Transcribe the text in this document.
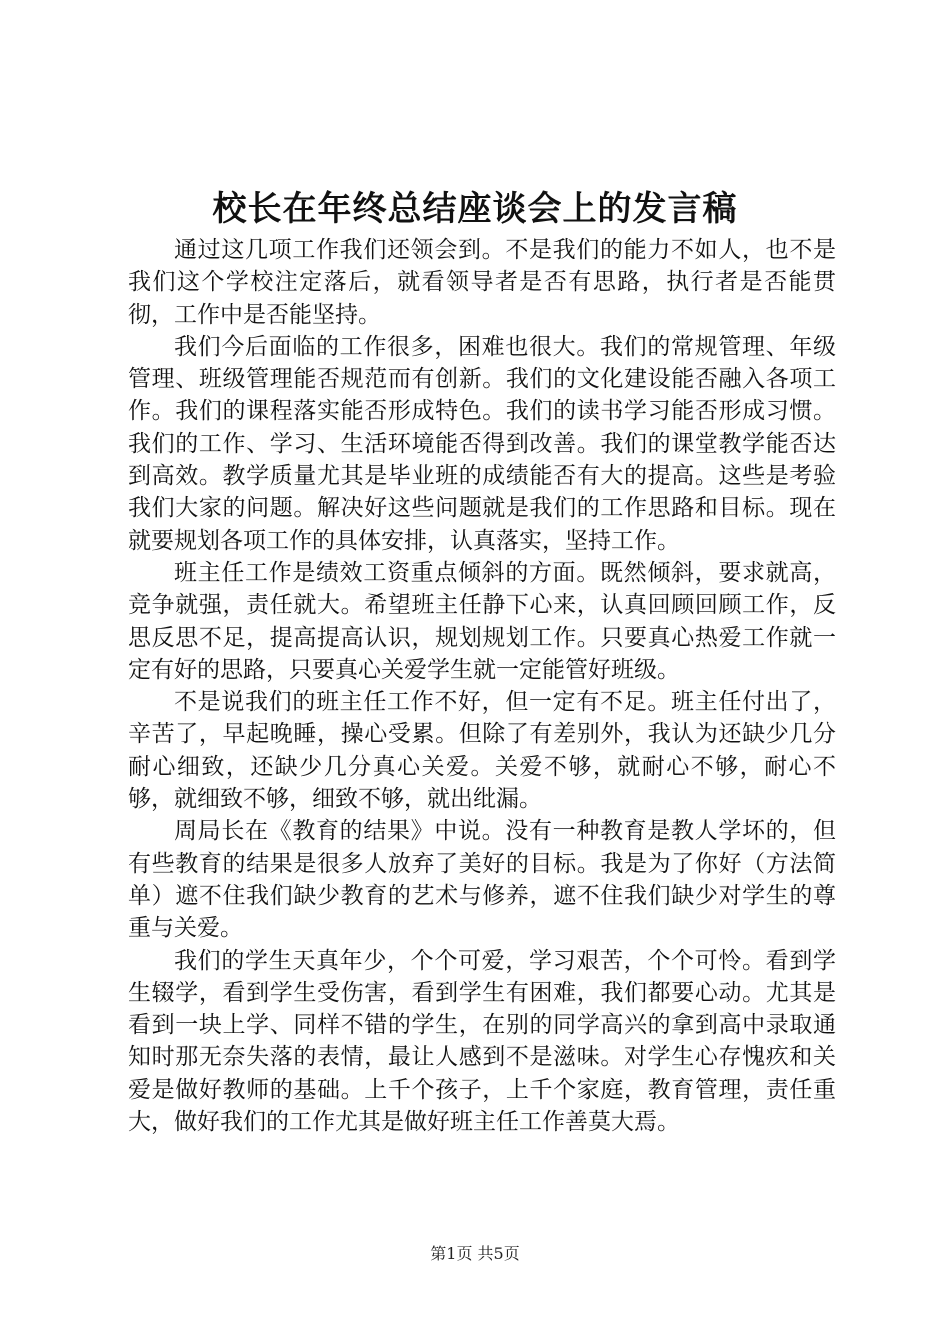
校长在年终总结座谈会上的发言稿

通过这几项工作我们还领会到。不是我们的能力不如人，也不是我们这个学校注定落后，就看领导者是否有思路，执行者是否能贯彻，工作中是否能坚持。

我们今后面临的工作很多，困难也很大。我们的常规管理、年级管理、班级管理能否规范而有创新。我们的文化建设能否融入各项工作。我们的课程落实能否形成特色。我们的读书学习能否形成习惯。我们的工作、学习、生活环境能否得到改善。我们的课堂教学能否达到高效。教学质量尤其是毕业班的成绩能否有大的提高。这些是考验我们大家的问题。解决好这些问题就是我们的工作思路和目标。现在就要规划各项工作的具体安排，认真落实，坚持工作。

班主任工作是绩效工资重点倾斜的方面。既然倾斜，要求就高，竞争就强，责任就大。希望班主任静下心来，认真回顾回顾工作，反思反思不足，提高提高认识，规划规划工作。只要真心热爱工作就一定有好的思路，只要真心关爱学生就一定能管好班级。

不是说我们的班主任工作不好，但一定有不足。班主任付出了，辛苦了，早起晚睡，操心受累。但除了有差别外，我认为还缺少几分耐心细致，还缺少几分真心关爱。关爱不够，就耐心不够，耐心不够，就细致不够，细致不够，就出纰漏。

周局长在《教育的结果》中说。没有一种教育是教人学坏的，但有些教育的结果是很多人放弃了美好的目标。我是为了你好（方法简单）遮不住我们缺少教育的艺术与修养，遮不住我们缺少对学生的尊重与关爱。

我们的学生天真年少，个个可爱，学习艰苦，个个可怜。看到学生辍学，看到学生受伤害，看到学生有困难，我们都要心动。尤其是看到一块上学、同样不错的学生，在别的同学高兴的拿到高中录取通知时那无奈失落的表情，最让人感到不是滋味。对学生心存愧疚和关爱是做好教师的基础。上千个孩子，上千个家庭，教育管理，责任重大，做好我们的工作尤其是做好班主任工作善莫大焉。

第1页 共5页
